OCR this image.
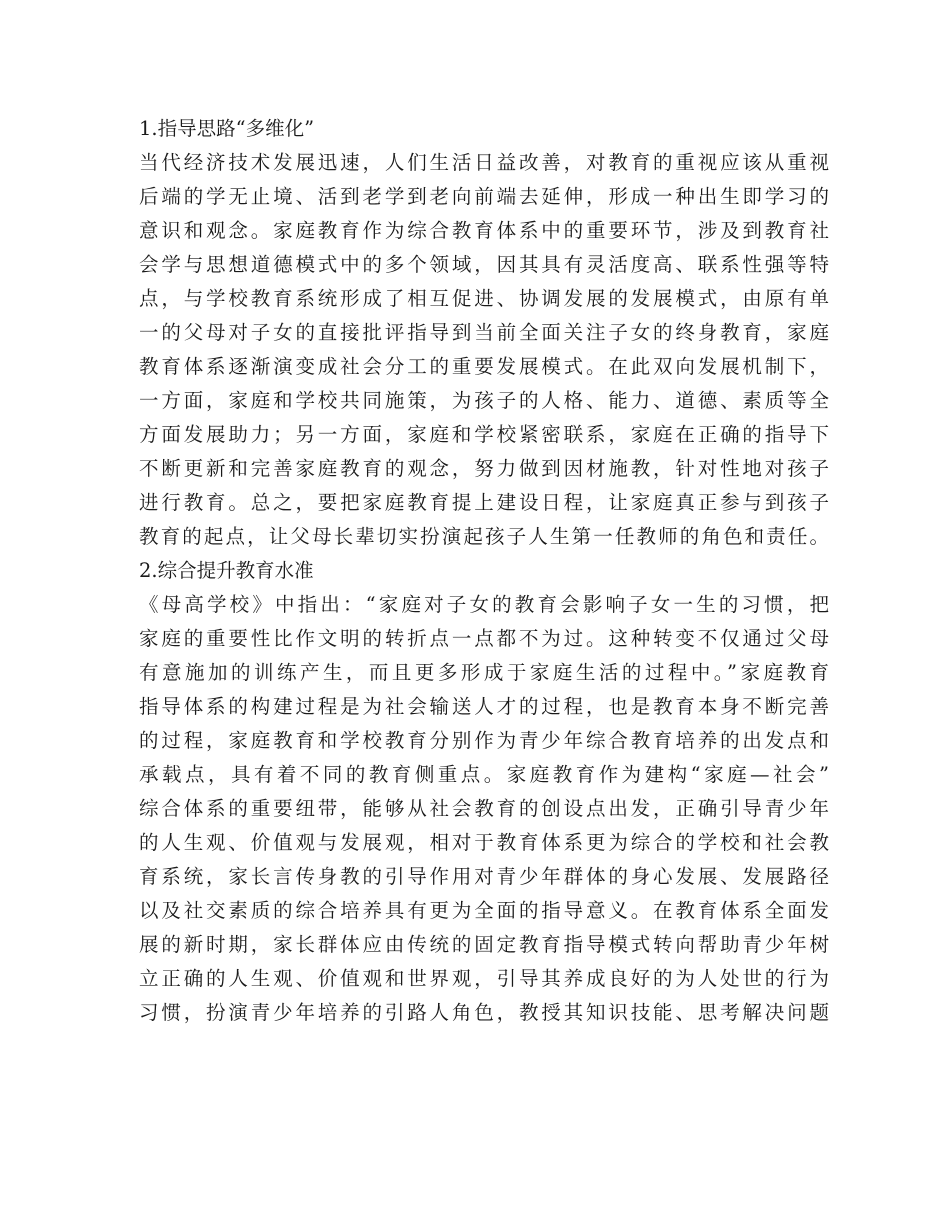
1.指导思路“多维化”
当代经济技术发展迅速，人们生活日益改善，对教育的重视应该从重视
后端的学无止境、活到老学到老向前端去延伸，形成一种出生即学习的
意识和观念。家庭教育作为综合教育体系中的重要环节，涉及到教育社
会学与思想道德模式中的多个领域，因其具有灵活度高、联系性强等特
点，与学校教育系统形成了相互促进、协调发展的发展模式，由原有单
一的父母对子女的直接批评指导到当前全面关注子女的终身教育，家庭
教育体系逐渐演变成社会分工的重要发展模式。在此双向发展机制下，
一方面，家庭和学校共同施策，为孩子的人格、能力、道德、素质等全
方面发展助力；另一方面，家庭和学校紧密联系，家庭在正确的指导下
不断更新和完善家庭教育的观念，努力做到因材施教，针对性地对孩子
进行教育。总之，要把家庭教育提上建设日程，让家庭真正参与到孩子
教育的起点，让父母长辈切实扮演起孩子人生第一任教师的角色和责任。
2.综合提升教育水准
《母高学校》中指出：“家庭对子女的教育会影响子女一生的习惯，把
家庭的重要性比作文明的转折点一点都不为过。这种转变不仅通过父母
有意施加的训练产生，而且更多形成于家庭生活的过程中。”家庭教育
指导体系的构建过程是为社会输送人才的过程，也是教育本身不断完善
的过程，家庭教育和学校教育分别作为青少年综合教育培养的出发点和
承载点，具有着不同的教育侧重点。家庭教育作为建构“家庭—社会”
综合体系的重要纽带，能够从社会教育的创设点出发，正确引导青少年
的人生观、价值观与发展观，相对于教育体系更为综合的学校和社会教
育系统，家长言传身教的引导作用对青少年群体的身心发展、发展路径
以及社交素质的综合培养具有更为全面的指导意义。在教育体系全面发
展的新时期，家长群体应由传统的固定教育指导模式转向帮助青少年树
立正确的人生观、价值观和世界观，引导其养成良好的为人处世的行为
习惯，扮演青少年培养的引路人角色，教授其知识技能、思考解决问题
